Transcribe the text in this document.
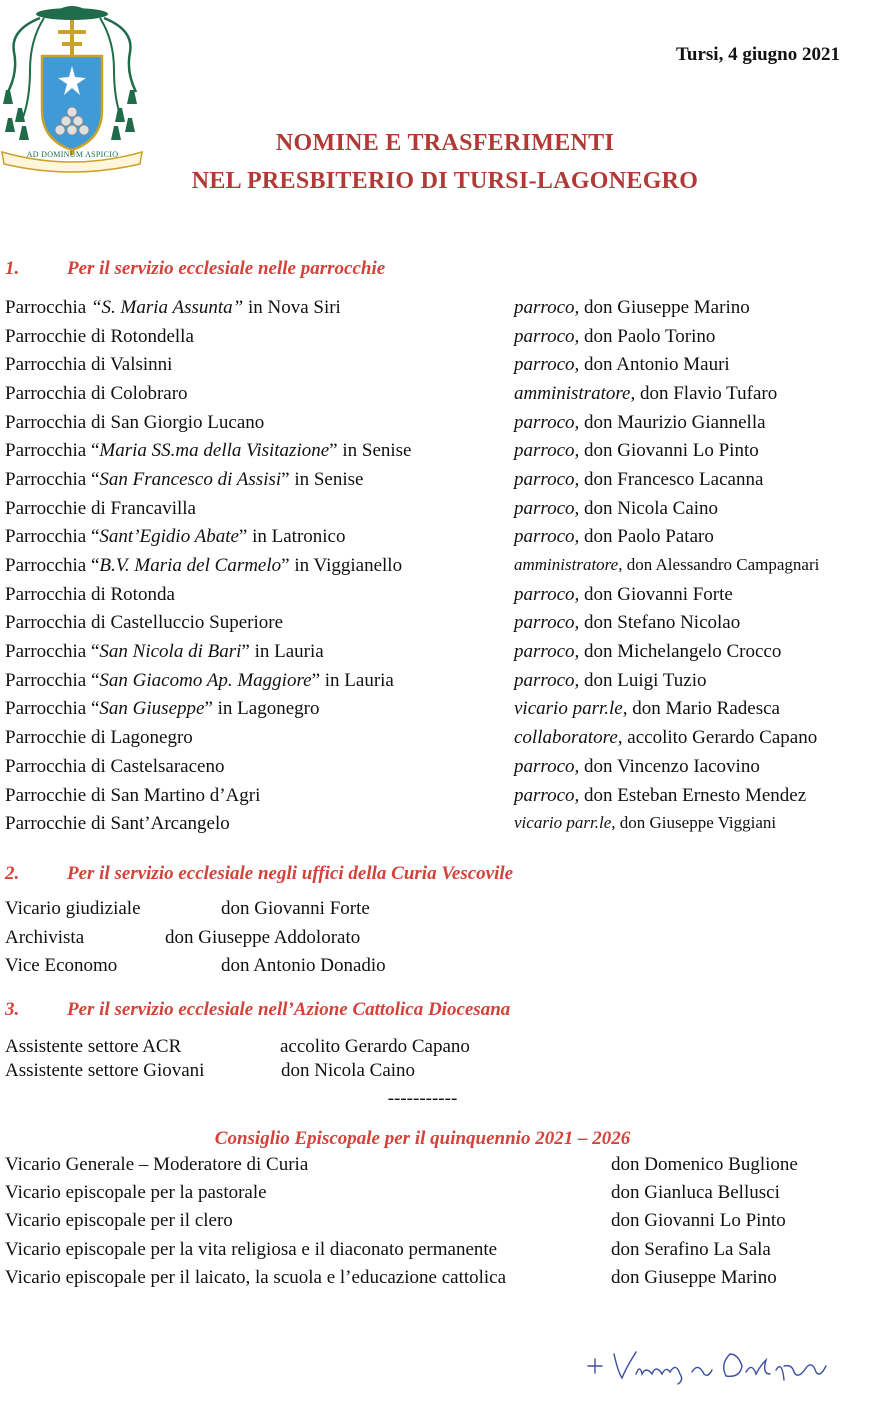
AD DOMINUM ASPICIO
Tursi, 4 giugno 2021
NOMINE E TRASFERIMENTI
NEL PRESBITERIO DI TURSI-LAGONEGRO
1.	Per il servizio ecclesiale nelle parrocchie
Parrocchia “S. Maria Assunta” in Nova Siri	parroco, don Giuseppe Marino
Parrocchie di Rotondella	parroco, don Paolo Torino
Parrocchia di Valsinni	parroco, don Antonio Mauri
Parrocchia di Colobraro	amministratore, don Flavio Tufaro
Parrocchia di San Giorgio Lucano	parroco, don Maurizio Giannella
Parrocchia “Maria SS.ma della Visitazione” in Senise	parroco, don Giovanni Lo Pinto
Parrocchia “San Francesco di Assisi” in Senise	parroco, don Francesco Lacanna
Parrocchie di Francavilla	parroco, don Nicola Caino
Parrocchia “Sant’Egidio Abate” in Latronico	parroco, don Paolo Pataro
Parrocchia “B.V. Maria del Carmelo” in Viggianello	amministratore, don Alessandro Campagnari
Parrocchia di Rotonda	parroco, don Giovanni Forte
Parrocchia di Castelluccio Superiore	parroco, don Stefano Nicolao
Parrocchia “San Nicola di Bari” in Lauria	parroco, don Michelangelo Crocco
Parrocchia “San Giacomo Ap. Maggiore” in Lauria	parroco, don Luigi Tuzio
Parrocchia “San Giuseppe” in Lagonegro	vicario parr.le, don Mario Radesca
Parrocchie di Lagonegro	collaboratore, accolito Gerardo Capano
Parrocchia di Castelsaraceno	parroco, don Vincenzo Iacovino
Parrocchie di San Martino d’Agri	parroco, don Esteban Ernesto Mendez
Parrocchie di Sant’Arcangelo	vicario parr.le, don Giuseppe Viggiani
2.	Per il servizio ecclesiale negli uffici della Curia Vescovile
Vicario giudiziale	don Giovanni Forte
Archivista	don Giuseppe Addolorato
Vice Economo	don Antonio Donadio
3.	Per il servizio ecclesiale nell’Azione Cattolica Diocesana
Assistente settore ACR	accolito Gerardo Capano
Assistente settore Giovani	don Nicola Caino
-----------
Consiglio Episcopale per il quinquennio 2021 – 2026
Vicario Generale – Moderatore di Curia	don Domenico Buglione
Vicario episcopale per la pastorale	don Gianluca Bellusci
Vicario episcopale per il clero	don Giovanni Lo Pinto
Vicario episcopale per la vita religiosa e il diaconato permanente	don Serafino La Sala
Vicario episcopale per il laicato, la scuola e l’educazione cattolica	don Giuseppe Marino
